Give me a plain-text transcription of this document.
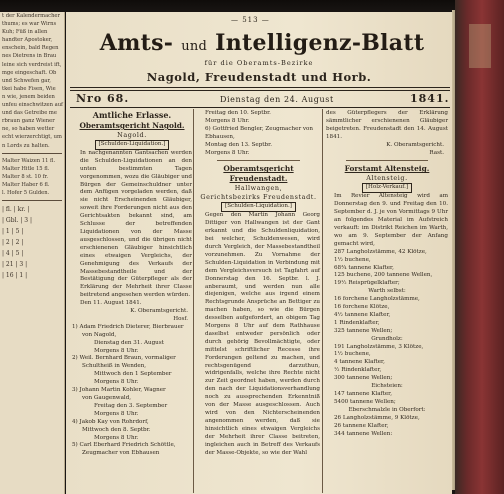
t der Kalendermacher
thums; es war Wirns
Kuh; Füß in allen
handter Apostoker,
enschein, bald Regen
nes Dietrens in Brau
leine sich verdreist ift,
mge eingeschaft. Ob
und Schwefen gar,
tkei habe Fisen, Wie
n wie, jenem beiden
unfeu einschwitzen auf
und das Getreibe me
rbraun ganz Wiener
ne, so haben wetter
echt wierzerchtigt, um
n Lords zu halten.
Malter Waizen 11 fl.
Malter Hitle 15 fl.
Malter 8 st. 10 fr.
Malter Haber 6 fl.
l. Hofer 5 Gulden.
| fl. | kr. |
| Gbl. | 3 |
| 1 | 5 |
| 2 | 2 |
| 4 | 5 |
| 21 | 3 |
| 16 | 1 |
— 513 —
Amts- und Intelligenz-Blatt
für die Oberamts-Bezirke
Nagold, Freudenstadt und Horb.
Nro 68.	Dienstag den 24. August	1841.
Amtliche Erlasse.
Oberamtsgericht Nagold.
Nagold.
[Schulden-Liquidation.]
In nachgenannten Gantsachen werden die Schulden-Liquidationen an den unten bestimmten Tagen vorgenommen, wozu die Gläubiger und Bürgen der Gemeinschuldner unter dem Anfügen vorgeladen werden, daß sie nicht Erscheinenden Gläubiger, soweit ihre Forderungen nicht aus den Gerichtsakten bekannt sind, am Schlusse der betreffenden Liquidationen von der Masse ausgeschlossen, und die übrigen nicht erschienenen Gläubiger hinsichtlich eines etwaigen Vergleichs, der Genehmigung des Verkaufs der Massebestandtheile und der Bestätigung der Güterpfleger als der Erklärung der Mehrheit ihrer Classe beitretend angesehen werden würden.
Den 11. August 1841.
K. Oberamtsgericht.
Hosf.
1) Adam Friedrich Dieterer, Bierbrauer
von Nagold,
Dienstag den 31. August
Morgens 8 Uhr.
2) Weil. Bernhard Braun, vormaliger
Schultheiß in Wenden,
Mittwoch den 1 September
Morgens 8 Uhr.
3) Johann Martin Kohler, Wagner
von Gaugenwald,
Freitag den 3. September
Morgens 8 Uhr.
4) Jakob Kay von Rohrdorf,
Mittwoch den 8. Septbr.
Morgens 8 Uhr.
5) Carl Eberhard Friedrich Schöttle,
Zeugmacher von Ebhausen
Freitag den 10. Septbr.
Morgens 8 Uhr.
6) Gottfried Bengler, Zeugmacher von
Ebhausen,
Montag den 13. Septbr.
Morgens 8 Uhr.
Oberamtsgericht Freudenstadt.
Hallwangen,
Gerichtsbezirks Freudenstadt.
[Schulden-Liquidation.]
Gegen den Martin Johann Georg Dittiger von Hallwangen ist der Gant erkannt und die Schuldenliquidation, bei welcher, Schuldenwesen, wird durch Vergleich, der Massebestandtheil vorzunehmen. Zu Vornahme der Schulden-Liquidation in Verbindung mit dem Vergleichsversuch ist Tagfahrt auf Donnerstag den 16. Septbr. l. J. anberaumt, und werden nun alle diejenigen, welche aus irgend einem Rechtsgrunde Ansprüche an Bettiger zu machen haben, so wie die Bürgen desselben aufgefordert, an obigem Tag Morgens 8 Uhr auf dem Rathhause daselbst entweder persönlich oder durch gehörig Bevollmächtigte, oder mittelst schriftlicher Recesse ihre Forderungen geltend zu machen, und rechtsgenügend darzuthun, widrigenfalls, welche ihre Rechte nicht zur Zeit geordnet haben, werden durch den nach der Liquidationsverhandlung noch zu aussprechenden Erkenntniß von der Masse ausgeschlossen. Auch wird von den Nichterscheinenden angenommen werden, daß sie hinsichtlich eines etwaigen Vergleichs der Mehrheit ihrer Classe beitreten, ingleichen auch in Betreff des Verkaufs der Masse-Objekte, so wie der Wahl
des Güterpflegers der Erklärung sämmtlicher erschienenen Gläubiger beigetreten. Freudenstadt den 14. August 1841.
K. Oberamtsgericht.
Rast.
Forstamt Altensteig.
Altensteig.
[Holz-Verkauf.]
Im Revier Altensteig wird am Donnerstag den 9. und Freitag den 10. September d. J. je von Vormittags 9 Uhr an folgendes Material im Aufstreich verkauft: im Distrikt Reichen im Warth, wo am 9. September der Anfang gemacht wird,
287 Langholzstämme, 42 Klötze,
1½ buchene,
68¾ tannene Klafter,
125 buchene, 200 tannene Wellen,
19½ Reisprügelklafter;
Warth selbst:
16 forchene Langholzstämme,
16 forchene Klötze,
4½ tannene Klafter,
1 Rindenklafter,
325 tannene Wellen;
Grundholz:
191 Langholzstämme, 3 Klötze,
1½ buchene,
4 tannene Klafter,
½ Rindenklafter,
300 tannene Wellen;
Eichsteien:
147 tannene Klafter,
5400 tannene Wellen;
Eberschmalzle in Oberfort:
26 Langholzstämme, 9 Klötze,
26 tannene Klafter,
344 tannene Wellen:
